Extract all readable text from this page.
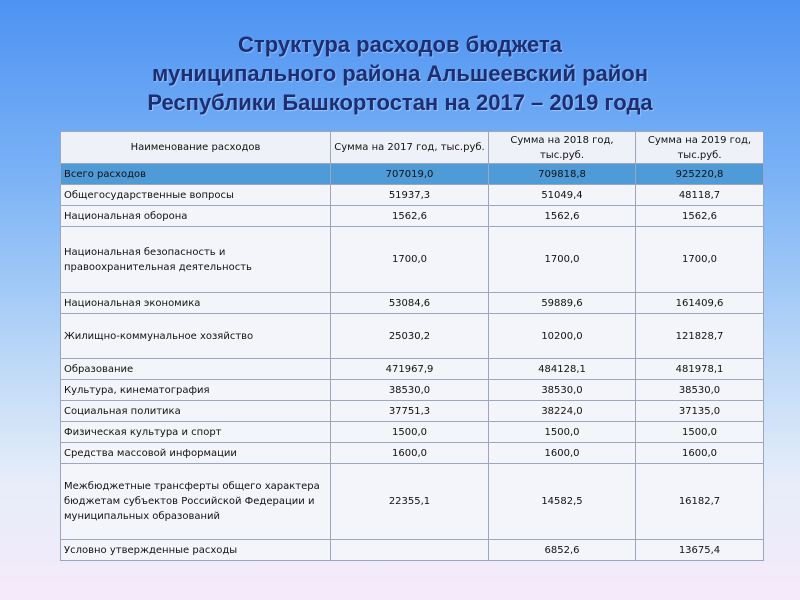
Структура расходов бюджета
муниципального района Альшеевский район
Республики Башкортостан на 2017 – 2019 года
Наименование расходов	Сумма на 2017 год, тыс.руб.	Сумма на 2018 год, тыс.руб.	Сумма на 2019 год, тыс.руб.
Всего расходов	707019,0	709818,8	925220,8
Общегосударственные вопросы	51937,3	51049,4	48118,7
Национальная оборона	1562,6	1562,6	1562,6
Национальная безопасность и правоохранительная деятельность	1700,0	1700,0	1700,0
Национальная экономика	53084,6	59889,6	161409,6
Жилищно-коммунальное хозяйство	25030,2	10200,0	121828,7
Образование	471967,9	484128,1	481978,1
Культура, кинематография	38530,0	38530,0	38530,0
Социальная политика	37751,3	38224,0	37135,0
Физическая культура и спорт	1500,0	1500,0	1500,0
Средства массовой информации	1600,0	1600,0	1600,0
Межбюджетные трансферты общего характера бюджетам субъектов Российской Федерации и муниципальных образований	22355,1	14582,5	16182,7
Условно утвержденные расходы		6852,6	13675,4
